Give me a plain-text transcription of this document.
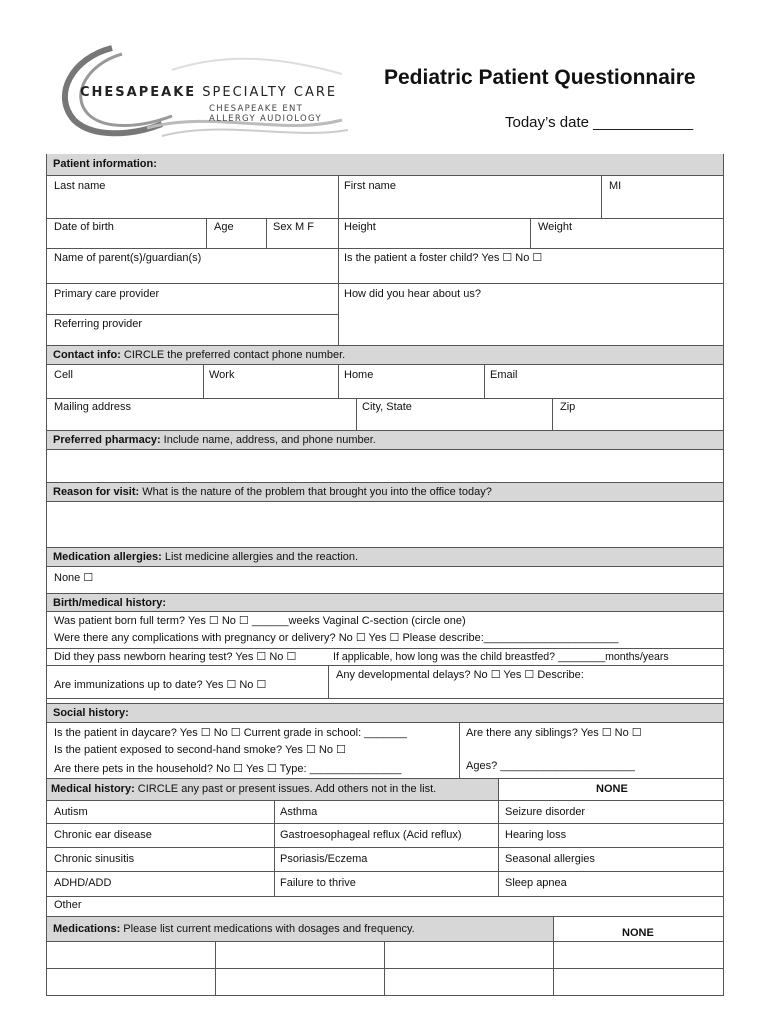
CHESAPEAKE SPECIALTY CARE
CHESAPEAKE ENT
ALLERGY AUDIOLOGY
Pediatric Patient Questionnaire
Today’s date ____________
Patient information:
Last name	First name	MI
Date of birth	Age	Sex M F	Height	Weight
Name of parent(s)/guardian(s)	Is the patient a foster child? Yes ☐ No ☐
Primary care provider	How did you hear about us?
Referring provider
Contact info: CIRCLE the preferred contact phone number.
Cell	Work	Home	Email
Mailing address	City, State	Zip
Preferred pharmacy: Include name, address, and phone number.
Reason for visit: What is the nature of the problem that brought you into the office today?
Medication allergies: List medicine allergies and the reaction.
None ☐
Birth/medical history:
Was patient born full term? Yes ☐ No ☐ ______weeks Vaginal C-section (circle one)
Were there any complications with pregnancy or delivery? No ☐ Yes ☐ Please describe:______________________
Did they pass newborn hearing test? Yes ☐ No ☐	If applicable, how long was the child breastfed? ________months/years
Are immunizations up to date? Yes ☐ No ☐
Any developmental delays? No ☐ Yes ☐ Describe:
Social history:
Is the patient in daycare? Yes ☐ No ☐ Current grade in school: _______
Is the patient exposed to second-hand smoke? Yes ☐ No ☐
Are there pets in the household? No ☐ Yes ☐ Type: _______________
Are there any siblings? Yes ☐ No ☐
Ages? ______________________
Medical history: CIRCLE any past or present issues. Add others not in the list.	NONE
Autism	Asthma	Seizure disorder
Chronic ear disease	Gastroesophageal reflux (Acid reflux)	Hearing loss
Chronic sinusitis	Psoriasis/Eczema	Seasonal allergies
ADHD/ADD	Failure to thrive	Sleep apnea
Other
Medications: Please list current medications with dosages and frequency.	NONE
